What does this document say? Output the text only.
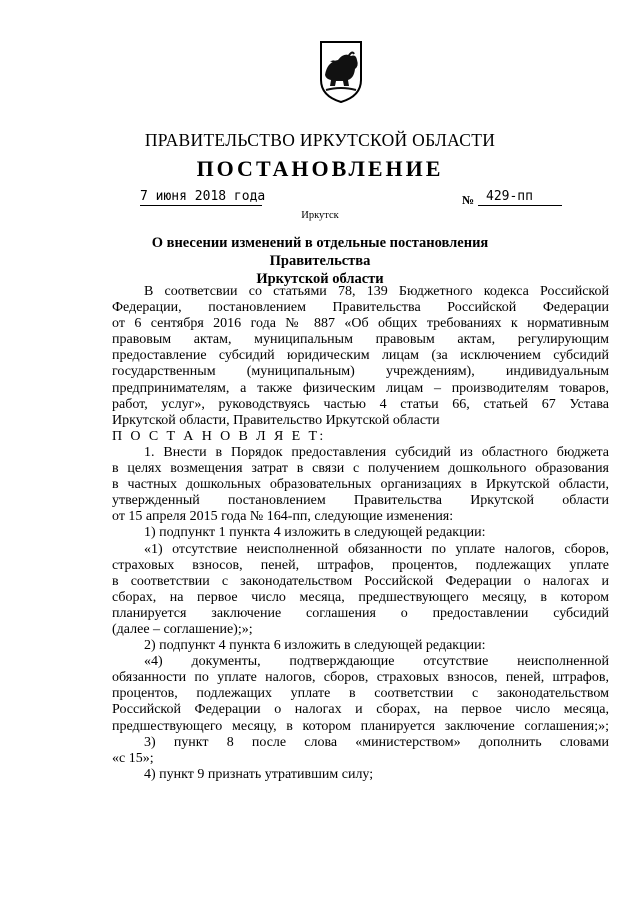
ПРАВИТЕЛЬСТВО ИРКУТСКОЙ ОБЛАСТИ
ПОСТАНОВЛЕНИЕ
7 июня 2018 года	№ 429-пп
Иркутск
О внесении изменений в отдельные постановления Правительства
Иркутской области

В соответсвии со статьями 78, 139 Бюджетного кодекса Российской

Федерации, постановлением Правительства Российской Федерации

от 6 сентября 2016 года № 887 «Об общих требованиях к нормативным

правовым актам, муниципальным правовым актам, регулирующим

предоставление субсидий юридическим лицам (за исключением субсидий

государственным (муниципальным) учреждениям), индивидуальным

предпринимателям, а также физическим лицам – производителям товаров,

работ, услуг», руководствуясь частью 4 статьи 66, статьей 67 Устава

Иркутской области, Правительство Иркутской области

П О С Т А Н О В Л Я Е Т:

1. Внести в Порядок предоставления субсидий из областного бюджета

в целях возмещения затрат в связи с получением дошкольного образования

в частных дошкольных образовательных организациях в Иркутской области,

утвержденный постановлением Правительства Иркутской области

от 15 апреля 2015 года № 164-пп, следующие изменения:

1) подпункт 1 пункта 4 изложить в следующей редакции:

«1) отсутствие неисполненной обязанности по уплате налогов, сборов,

страховых взносов, пеней, штрафов, процентов, подлежащих уплате

в соответствии с законодательством Российской Федерации о налогах и

сборах, на первое число месяца, предшествующего месяцу, в котором

планируется заключение соглашения о предоставлении субсидий

(далее – соглашение);»;

2) подпункт 4 пункта 6 изложить в следующей редакции:

«4) документы, подтверждающие отсутствие неисполненной

обязанности по уплате налогов, сборов, страховых взносов, пеней, штрафов,

процентов, подлежащих уплате в соответствии с законодательством

Российской Федерации о налогах и сборах, на первое число месяца,

предшествующего месяцу, в котором планируется заключение соглашения;»;

3) пункт 8 после слова «министерством» дополнить словами

«с 15»;

4) пункт 9 признать утратившим силу;
